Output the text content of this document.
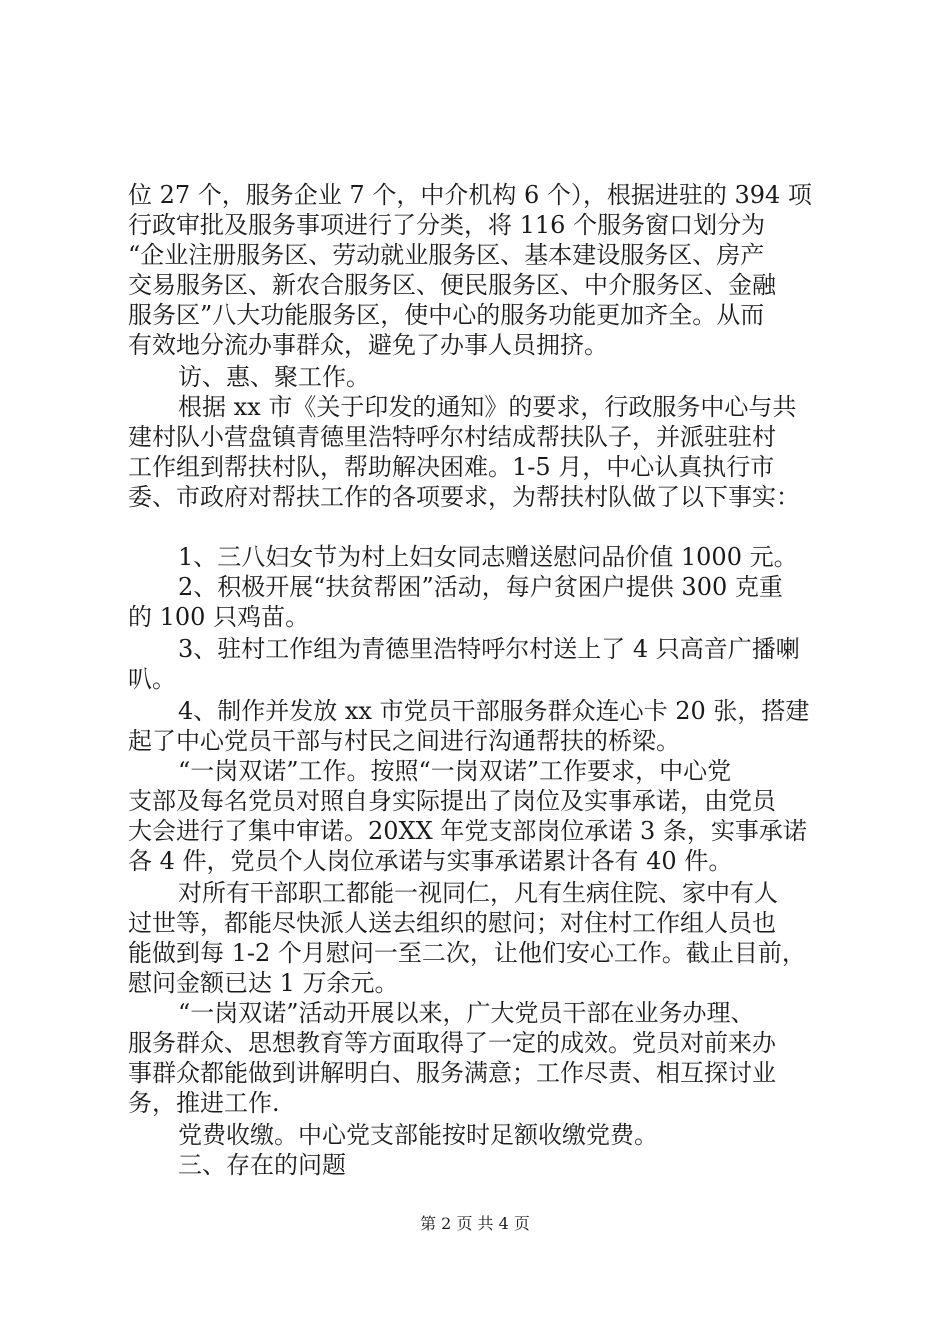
位 27 个，服务企业 7 个，中介机构 6 个），根据进驻的 394 项
行政审批及服务事项进行了分类，将 116 个服务窗口划分为
“企业注册服务区、劳动就业服务区、基本建设服务区、房产
交易服务区、新农合服务区、便民服务区、中介服务区、金融
服务区”八大功能服务区，使中心的服务功能更加齐全。从而
有效地分流办事群众，避免了办事人员拥挤。
访、惠、聚工作。
根据 xx 市《关于印发的通知》的要求，行政服务中心与共
建村队小营盘镇青德里浩特呼尔村结成帮扶队子，并派驻驻村
工作组到帮扶村队，帮助解决困难。1-5 月，中心认真执行市
委、市政府对帮扶工作的各项要求，为帮扶村队做了以下事实：
1、三八妇女节为村上妇女同志赠送慰问品价值 1000 元。
2、积极开展“扶贫帮困”活动，每户贫困户提供 300 克重
的 100 只鸡苗。
3、驻村工作组为青德里浩特呼尔村送上了 4 只高音广播喇
叭。
4、制作并发放 xx 市党员干部服务群众连心卡 20 张，搭建
起了中心党员干部与村民之间进行沟通帮扶的桥梁。
“一岗双诺”工作。按照“一岗双诺”工作要求，中心党
支部及每名党员对照自身实际提出了岗位及实事承诺，由党员
大会进行了集中审诺。20XX 年党支部岗位承诺 3 条，实事承诺
各 4 件，党员个人岗位承诺与实事承诺累计各有 40 件。
对所有干部职工都能一视同仁，凡有生病住院、家中有人
过世等，都能尽快派人送去组织的慰问；对住村工作组人员也
能做到每 1-2 个月慰问一至二次，让他们安心工作。截止目前，
慰问金额已达 1 万余元。
“一岗双诺”活动开展以来，广大党员干部在业务办理、
服务群众、思想教育等方面取得了一定的成效。党员对前来办
事群众都能做到讲解明白、服务满意；工作尽责、相互探讨业
务，推进工作.
党费收缴。中心党支部能按时足额收缴党费。
三、存在的问题
第 2 页 共 4 页
